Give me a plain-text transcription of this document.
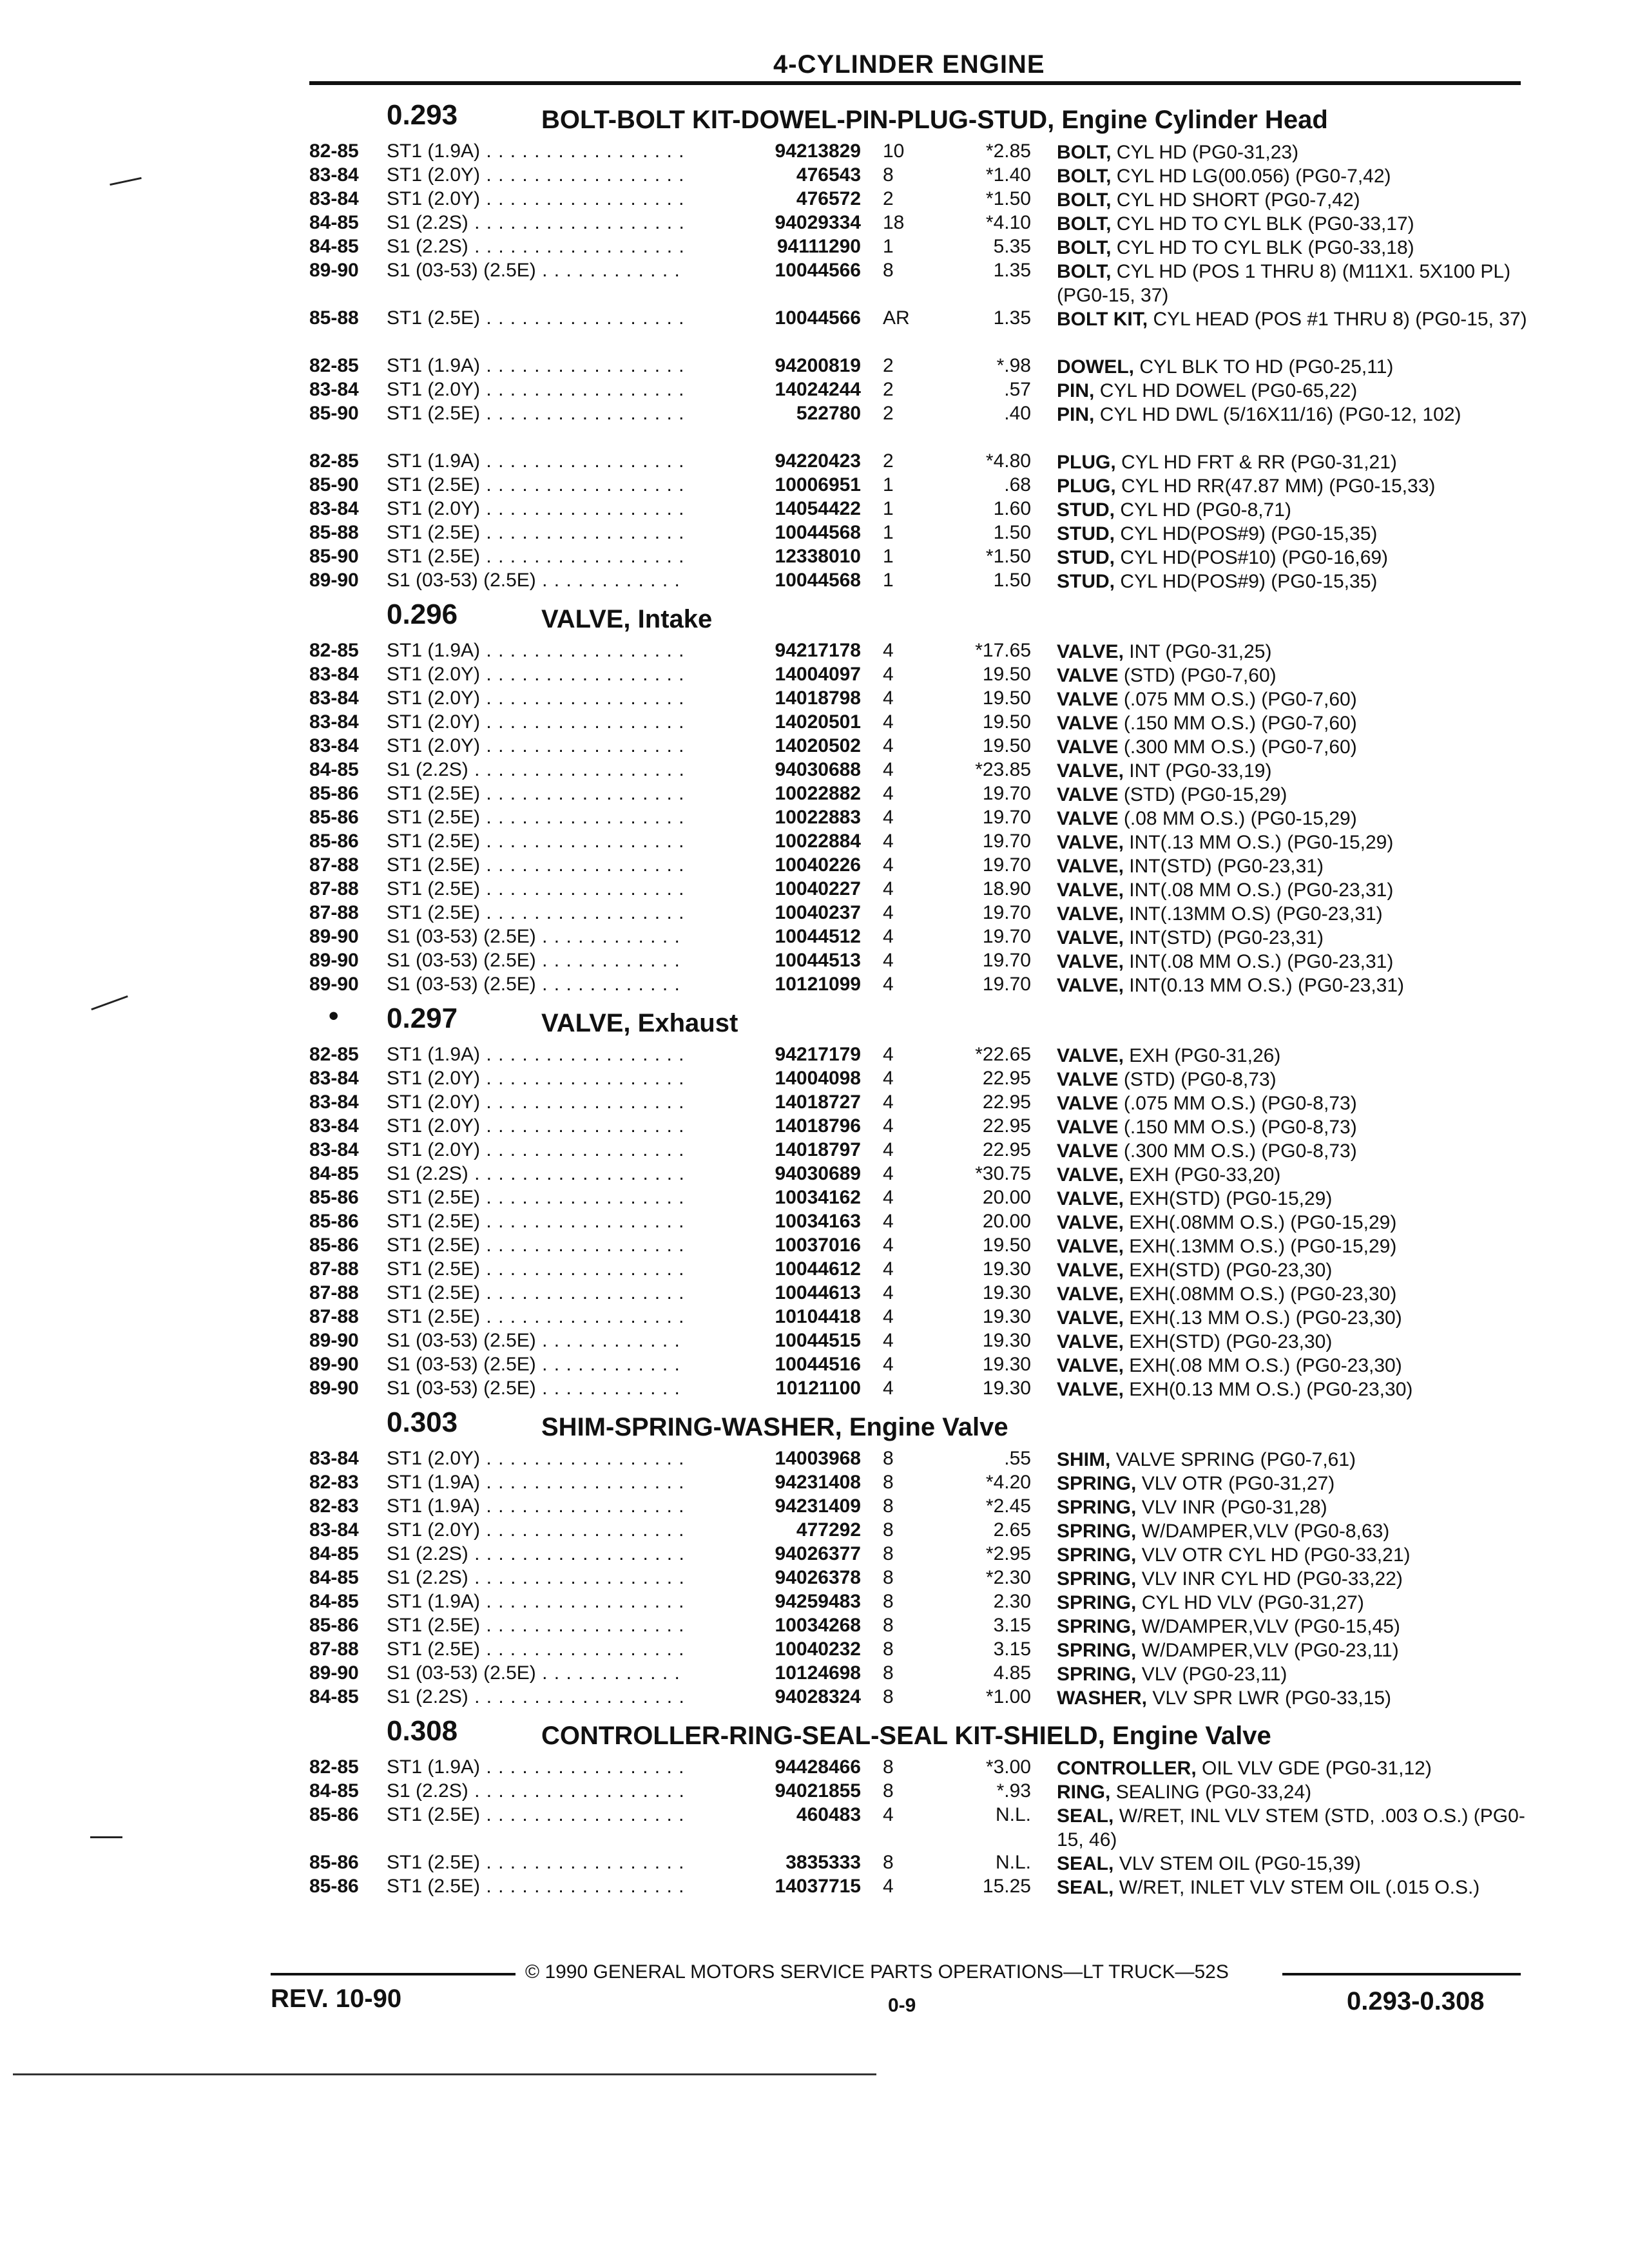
4-CYLINDER ENGINE
0.293	BOLT-BOLT KIT-DOWEL-PIN-PLUG-STUD, Engine Cylinder Head
82-85	ST1 (1.9A) . . .	94213829 10	*2.85 BOLT, CYL HD (PG0-31,23)
83-84	ST1 (2.0Y) . . .	476543 8	*1.40 BOLT, CYL HD LG(00.056) (PG0-7,42)
83-84	ST1 (2.0Y) . . .	476572 2	*1.50 BOLT, CYL HD SHORT (PG0-7,42)
84-85	S1 (2.2S) . . .	94029334 18	*4.10 BOLT, CYL HD TO CYL BLK (PG0-33,17)
84-85	S1 (2.2S) . . .	94111290 1	5.35 BOLT, CYL HD TO CYL BLK (PG0-33,18)
89-90	S1 (03-53) (2.5E) . . .	10044566 8	1.35 BOLT, CYL HD (POS 1 THRU 8) (M11X1. 5X100 PL) (PG0-15, 37)
85-88	ST1 (2.5E) . . .	10044566 AR	1.35 BOLT KIT, CYL HEAD (POS #1 THRU 8) (PG0-15, 37)
82-85	ST1 (1.9A) . . .	94200819 2	*.98 DOWEL, CYL BLK TO HD (PG0-25,11)
83-84	ST1 (2.0Y) . . .	14024244 2	.57 PIN, CYL HD DOWEL (PG0-65,22)
85-90	ST1 (2.5E) . . .	522780 2	.40 PIN, CYL HD DWL (5/16X11/16) (PG0-12, 102)
82-85	ST1 (1.9A) . . .	94220423 2	*4.80 PLUG, CYL HD FRT & RR (PG0-31,21)
85-90	ST1 (2.5E) . . .	10006951 1	.68 PLUG, CYL HD RR(47.87 MM) (PG0-15,33)
83-84	ST1 (2.0Y) . . .	14054422 1	1.60 STUD, CYL HD (PG0-8,71)
85-88	ST1 (2.5E) . . .	10044568 1	1.50 STUD, CYL HD(POS#9) (PG0-15,35)
85-90	ST1 (2.5E) . . .	12338010 1	*1.50 STUD, CYL HD(POS#10) (PG0-16,69)
89-90	S1 (03-53) (2.5E) . . .	10044568 1	1.50 STUD, CYL HD(POS#9) (PG0-15,35)
0.296	VALVE, Intake
82-85	ST1 (1.9A) . . .	94217178 4	*17.65 VALVE, INT (PG0-31,25)
83-84	ST1 (2.0Y) . . .	14004097 4	19.50 VALVE (STD) (PG0-7,60)
83-84	ST1 (2.0Y) . . .	14018798 4	19.50 VALVE (.075 MM O.S.) (PG0-7,60)
83-84	ST1 (2.0Y) . . .	14020501 4	19.50 VALVE (.150 MM O.S.) (PG0-7,60)
83-84	ST1 (2.0Y) . . .	14020502 4	19.50 VALVE (.300 MM O.S.) (PG0-7,60)
84-85	S1 (2.2S) . . .	94030688 4	*23.85 VALVE, INT (PG0-33,19)
85-86	ST1 (2.5E) . . .	10022882 4	19.70 VALVE (STD) (PG0-15,29)
85-86	ST1 (2.5E) . . .	10022883 4	19.70 VALVE (.08 MM O.S.) (PG0-15,29)
85-86	ST1 (2.5E) . . .	10022884 4	19.70 VALVE, INT(.13 MM O.S.) (PG0-15,29)
87-88	ST1 (2.5E) . . .	10040226 4	19.70 VALVE, INT(STD) (PG0-23,31)
87-88	ST1 (2.5E) . . .	10040227 4	18.90 VALVE, INT(.08 MM O.S.) (PG0-23,31)
87-88	ST1 (2.5E) . . .	10040237 4	19.70 VALVE, INT(.13MM O.S) (PG0-23,31)
89-90	S1 (03-53) (2.5E) . . .	10044512 4	19.70 VALVE, INT(STD) (PG0-23,31)
89-90	S1 (03-53) (2.5E) . . .	10044513 4	19.70 VALVE, INT(.08 MM O.S.) (PG0-23,31)
89-90	S1 (03-53) (2.5E) . . .	10121099 4	19.70 VALVE, INT(0.13 MM O.S.) (PG0-23,31)
• 0.297	VALVE, Exhaust
82-85	ST1 (1.9A) . . .	94217179 4	*22.65 VALVE, EXH (PG0-31,26)
83-84	ST1 (2.0Y) . . .	14004098 4	22.95 VALVE (STD) (PG0-8,73)
83-84	ST1 (2.0Y) . . .	14018727 4	22.95 VALVE (.075 MM O.S.) (PG0-8,73)
83-84	ST1 (2.0Y) . . .	14018796 4	22.95 VALVE (.150 MM O.S.) (PG0-8,73)
83-84	ST1 (2.0Y) . . .	14018797 4	22.95 VALVE (.300 MM O.S.) (PG0-8,73)
84-85	S1 (2.2S) . . .	94030689 4	*30.75 VALVE, EXH (PG0-33,20)
85-86	ST1 (2.5E) . . .	10034162 4	20.00 VALVE, EXH(STD) (PG0-15,29)
85-86	ST1 (2.5E) . . .	10034163 4	20.00 VALVE, EXH(.08MM O.S.) (PG0-15,29)
85-86	ST1 (2.5E) . . .	10037016 4	19.50 VALVE, EXH(.13MM O.S.) (PG0-15,29)
87-88	ST1 (2.5E) . . .	10044612 4	19.30 VALVE, EXH(STD) (PG0-23,30)
87-88	ST1 (2.5E) . . .	10044613 4	19.30 VALVE, EXH(.08MM O.S.) (PG0-23,30)
87-88	ST1 (2.5E) . . .	10104418 4	19.30 VALVE, EXH(.13 MM O.S.) (PG0-23,30)
89-90	S1 (03-53) (2.5E) . . .	10044515 4	19.30 VALVE, EXH(STD) (PG0-23,30)
89-90	S1 (03-53) (2.5E) . . .	10044516 4	19.30 VALVE, EXH(.08 MM O.S.) (PG0-23,30)
89-90	S1 (03-53) (2.5E) . . .	10121100 4	19.30 VALVE, EXH(0.13 MM O.S.) (PG0-23,30)
0.303	SHIM-SPRING-WASHER, Engine Valve
83-84	ST1 (2.0Y) . . .	14003968 8	.55 SHIM, VALVE SPRING (PG0-7,61)
82-83	ST1 (1.9A) . . .	94231408 8	*4.20 SPRING, VLV OTR (PG0-31,27)
82-83	ST1 (1.9A) . . .	94231409 8	*2.45 SPRING, VLV INR (PG0-31,28)
83-84	ST1 (2.0Y) . . .	477292 8	2.65 SPRING, W/DAMPER,VLV (PG0-8,63)
84-85	S1 (2.2S) . . .	94026377 8	*2.95 SPRING, VLV OTR CYL HD (PG0-33,21)
84-85	S1 (2.2S) . . .	94026378 8	*2.30 SPRING, VLV INR CYL HD (PG0-33,22)
84-85	ST1 (1.9A) . . .	94259483 8	2.30 SPRING, CYL HD VLV (PG0-31,27)
85-86	ST1 (2.5E) . . .	10034268 8	3.15 SPRING, W/DAMPER,VLV (PG0-15,45)
87-88	ST1 (2.5E) . . .	10040232 8	3.15 SPRING, W/DAMPER,VLV (PG0-23,11)
89-90	S1 (03-53) (2.5E) . . .	10124698 8	4.85 SPRING, VLV (PG0-23,11)
84-85	S1 (2.2S) . . .	94028324 8	*1.00 WASHER, VLV SPR LWR (PG0-33,15)
0.308	CONTROLLER-RING-SEAL-SEAL KIT-SHIELD, Engine Valve
82-85	ST1 (1.9A) . . .	94428466 8	*3.00 CONTROLLER, OIL VLV GDE (PG0-31,12)
84-85	S1 (2.2S) . . .	94021855 8	*.93 RING, SEALING (PG0-33,24)
85-86	ST1 (2.5E) . . .	460483 4	N.L. SEAL, W/RET, INL VLV STEM (STD, .003 O.S.) (PG0-15, 46)
85-86	ST1 (2.5E) . . .	3835333 8	N.L. SEAL, VLV STEM OIL (PG0-15,39)
85-86	ST1 (2.5E) . . .	14037715 4	15.25 SEAL, W/RET, INLET VLV STEM OIL (.015 O.S.)
© 1990 GENERAL MOTORS SERVICE PARTS OPERATIONS—LT TRUCK—52S
REV. 10-90	0-9	0.293-0.308
